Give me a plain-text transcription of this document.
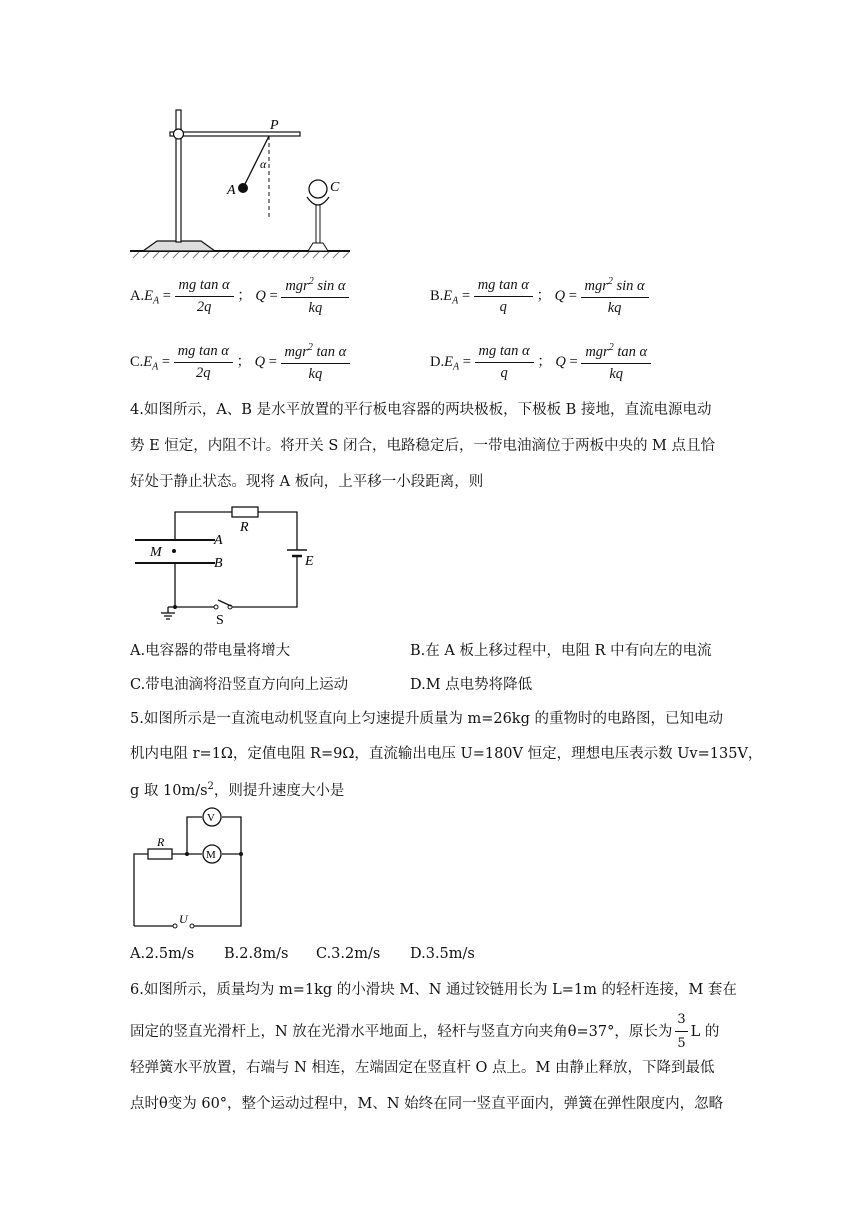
P
α
A	C
$A.E_A = \frac{\text{mg tan α}}{2q}$ ； $Q = \frac{mgr^2 \sin \alpha}{kq}$	$B.E_A = \frac{\text{mg tan α}}{q}$ ； $Q = \frac{mgr^2 \sin \alpha}{kq}$
$C.E_A = \frac{\text{mg tan α}}{2q}$ ； $Q = \frac{mgr^2 \tan \alpha}{kq}$	$D.E_A = \frac{\text{mg tan α}}{q}$ ； $Q = \frac{mgr^2 \tan \alpha}{kq}$
4.如图所示，A、B 是水平放置的平行板电容器的两块极板，下极板 B 接地，直流电源电动
势 E 恒定，内阻不计。将开关 S 闭合，电路稳定后，一带电油滴位于两板中央的 M 点且恰
好处于静止状态。现将 A 板向，上平移一小段距离，则
R
A
B
M
E
S
A.电容器的带电量将增大	B.在 A 板上移过程中，电阻 R 中有向左的电流
C.带电油滴将沿竖直方向向上运动	D.M 点电势将降低
5.如图所示是一直流电动机竖直向上匀速提升质量为 m=26kg 的重物时的电路图，已知电动
机内电阻 r=1Ω，定值电阻 R=9Ω，直流输出电压 U=180V 恒定，理想电压表示数 Uv=135V，
g 取 $10m/s^2$，则提升速度大小是
R
V
M
U
A.2.5m/s B.2.8m/s C.3.2m/s D.3.5m/s
6.如图所示，质量均为 m=1kg 的小滑块 M、N 通过铰链用长为 L=1m 的轻杆连接，M 套在
固定的竖直光滑杆上，N 放在光滑水平地面上，轻杆与竖直方向夹角θ=37°，原长为 $\frac{3}{5}$ L 的
轻弹簧水平放置，右端与 N 相连，左端固定在竖直杆 O 点上。M 由静止释放，下降到最低
点时θ变为 60°，整个运动过程中，M、N 始终在同一竖直平面内，弹簧在弹性限度内，忽略
